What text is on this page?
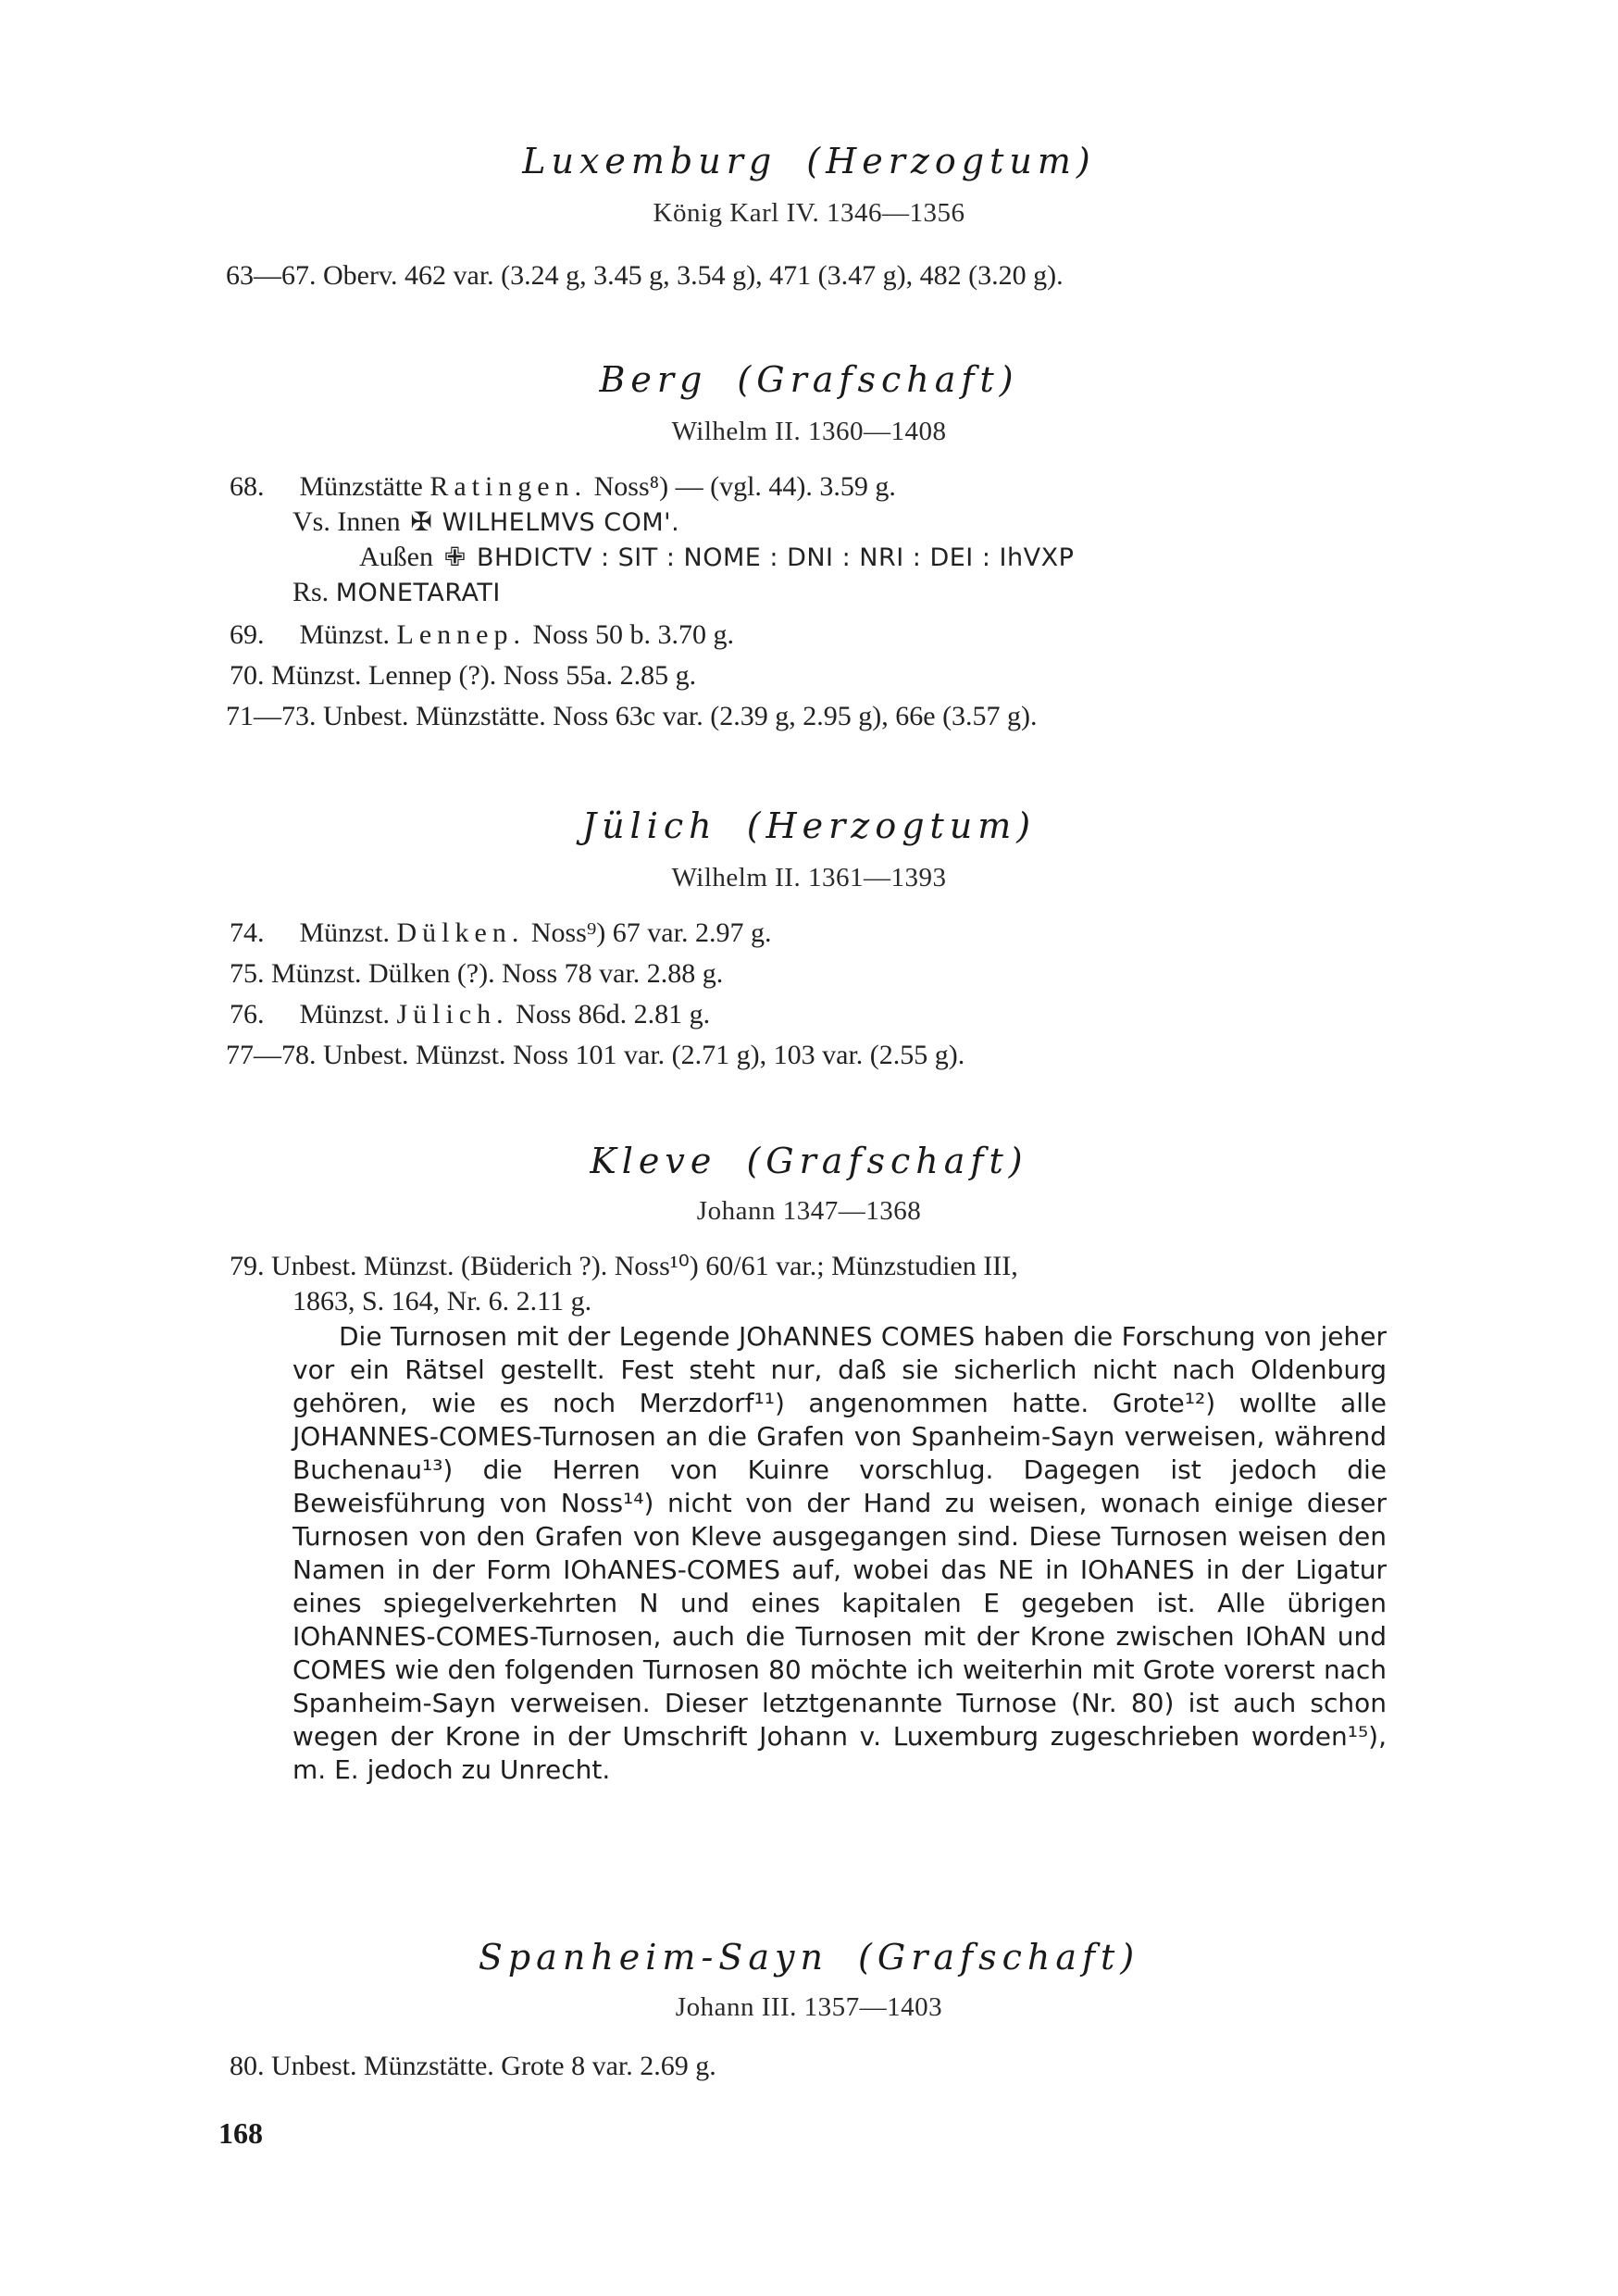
Luxemburg (Herzogtum)
König Karl IV. 1346—1356
63—67. Oberv. 462 var. (3.24 g, 3.45 g, 3.54 g), 471 (3.47 g), 482 (3.20 g).
Berg (Grafschaft)
Wilhelm II. 1360—1408
68. Münzstätte Ratingen. Noss⁸) — (vgl. 44). 3.59 g.
Vs. Innen ✠ WILHELMVS COM'.
Außen ✙ BHDICTV : SIT : NOME : DNI : NRI : DEI : IhVXP
Rs. MONETARATI
69. Münzst. Lennep. Noss 50 b. 3.70 g.
70. Münzst. Lennep (?). Noss 55a. 2.85 g.
71—73. Unbest. Münzstätte. Noss 63c var. (2.39 g, 2.95 g), 66e (3.57 g).
Jülich (Herzogtum)
Wilhelm II. 1361—1393
74. Münzst. Dülken. Noss⁹) 67 var. 2.97 g.
75. Münzst. Dülken (?). Noss 78 var. 2.88 g.
76. Münzst. Jülich. Noss 86d. 2.81 g.
77—78. Unbest. Münzst. Noss 101 var. (2.71 g), 103 var. (2.55 g).
Kleve (Grafschaft)
Johann 1347—1368
79. Unbest. Münzst. (Büderich ?). Noss¹⁰) 60/61 var.; Münzstudien III,
1863, S. 164, Nr. 6. 2.11 g.

Die Turnosen mit der Legende JOhANNES COMES haben die Forschung von jeher vor ein Rätsel gestellt. Fest steht nur, daß sie sicherlich nicht nach Oldenburg gehören, wie es noch Merzdorf¹¹) angenommen hatte. Grote¹²) wollte alle JOHANNES-COMES-Turnosen an die Grafen von Spanheim-Sayn verweisen, während Buchenau¹³) die Herren von Kuinre vorschlug. Dagegen ist jedoch die Beweisführung von Noss¹⁴) nicht von der Hand zu weisen, wonach einige dieser Turnosen von den Grafen von Kleve ausgegangen sind. Diese Turnosen weisen den Namen in der Form IOhANES-COMES auf, wobei das NE in IOhANES in der Ligatur eines spiegelverkehrten N und eines kapitalen E gegeben ist. Alle übrigen IOhANNES-COMES-Turnosen, auch die Turnosen mit der Krone zwischen IOhAN und COMES wie den folgenden Turnosen 80 möchte ich weiterhin mit Grote vorerst nach Spanheim-Sayn verweisen. Dieser letztgenannte Turnose (Nr. 80) ist auch schon wegen der Krone in der Umschrift Johann v. Luxemburg zugeschrieben worden¹⁵), m. E. jedoch zu Unrecht.

Spanheim-Sayn (Grafschaft)
Johann III. 1357—1403
80. Unbest. Münzstätte. Grote 8 var. 2.69 g.
168
